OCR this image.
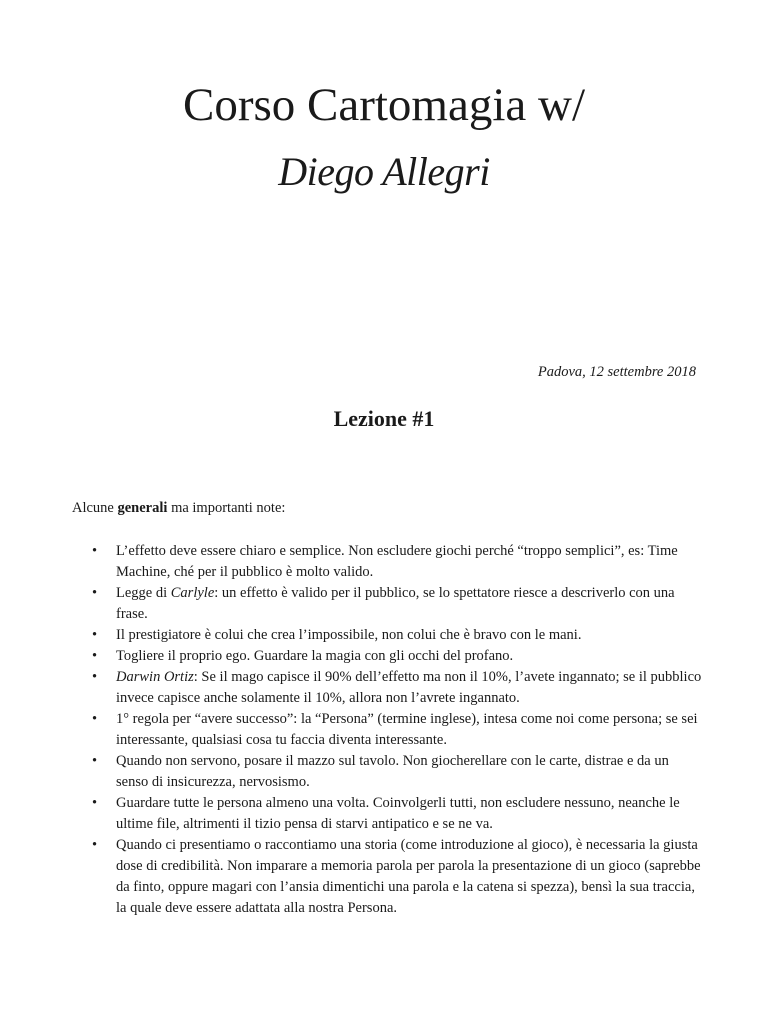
Corso Cartomagia w/
Diego Allegri
Padova, 12 settembre 2018
Lezione #1
Alcune generali ma importanti note:
• L’effetto deve essere chiaro e semplice. Non escludere giochi perché “troppo semplici”, es: Time Machine, ché per il pubblico è molto valido.
• Legge di Carlyle: un effetto è valido per il pubblico, se lo spettatore riesce a descriverlo con una frase.
• Il prestigiatore è colui che crea l’impossibile, non colui che è bravo con le mani.
• Togliere il proprio ego. Guardare la magia con gli occhi del profano.
• Darwin Ortiz: Se il mago capisce il 90% dell’effetto ma non il 10%, l’avete ingannato; se il pubblico invece capisce anche solamente il 10%, allora non l’avrete ingannato.
• 1° regola per “avere successo”: la “Persona” (termine inglese), intesa come noi come persona; se sei interessante, qualsiasi cosa tu faccia diventa interessante.
• Quando non servono, posare il mazzo sul tavolo. Non giocherellare con le carte, distrae e da un senso di insicurezza, nervosismo.
• Guardare tutte le persona almeno una volta. Coinvolgerli tutti, non escludere nessuno, neanche le ultime file, altrimenti il tizio pensa di starvi antipatico e se ne va.
• Quando ci presentiamo o raccontiamo una storia (come introduzione al gioco), è necessaria la giusta dose di credibilità. Non imparare a memoria parola per parola la presentazione di un gioco (saprebbe da finto, oppure magari con l’ansia dimentichi una parola e la catena si spezza), bensì la sua traccia, la quale deve essere adattata alla nostra Persona.
